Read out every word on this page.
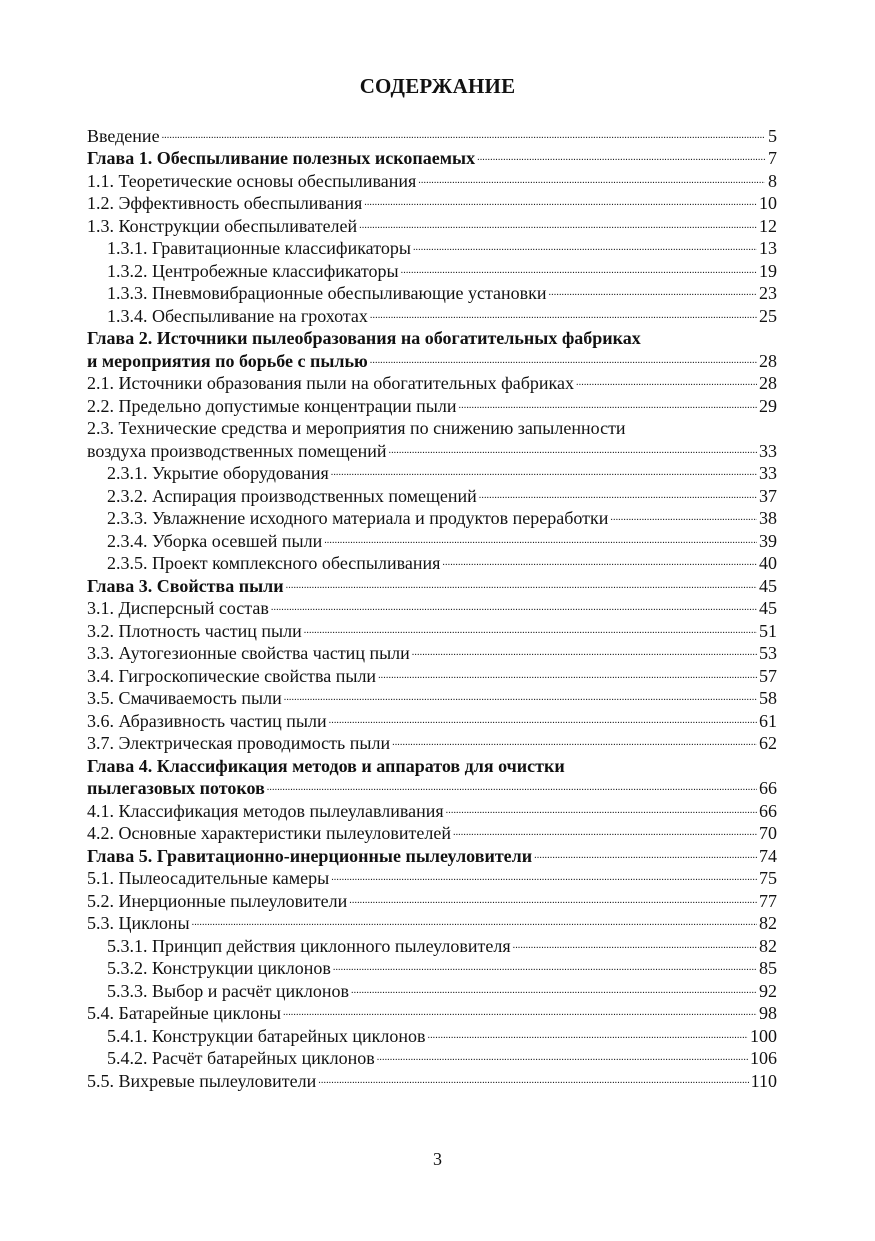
СОДЕРЖАНИЕ
Введение . . .	5
Глава 1. Обеспыливание полезных ископаемых . . .	7
1.1. Теоретические основы обеспыливания . . .	8
1.2. Эффективность обеспыливания . . .	10
1.3. Конструкции обеспыливателей . . .	12
1.3.1. Гравитационные классификаторы . . .	13
1.3.2. Центробежные классификаторы . . .	19
1.3.3. Пневмовибрационные обеспыливающие установки . . .	23
1.3.4. Обеспыливание на грохотах . . .	25
Глава 2. Источники пылеобразования на обогатительных фабриках
и мероприятия по борьбе с пылью . . .	28
2.1. Источники образования пыли на обогатительных фабриках . . .	28
2.2. Предельно допустимые концентрации пыли . . .	29
2.3. Технические средства и мероприятия по снижению запыленности
воздуха производственных помещений . . .	33
2.3.1. Укрытие оборудования . . .	33
2.3.2. Аспирация производственных помещений . . .	37
2.3.3. Увлажнение исходного материала и продуктов переработки . . .	38
2.3.4. Уборка осевшей пыли . . .	39
2.3.5. Проект комплексного обеспыливания . . .	40
Глава 3. Свойства пыли . . .	45
3.1. Дисперсный состав . . .	45
3.2. Плотность частиц пыли . . .	51
3.3. Аутогезионные свойства частиц пыли . . .	53
3.4. Гигроскопические свойства пыли . . .	57
3.5. Смачиваемость пыли . . .	58
3.6. Абразивность частиц пыли . . .	61
3.7. Электрическая проводимость пыли . . .	62
Глава 4. Классификация методов и аппаратов для очистки
пылегазовых потоков . . .	66
4.1. Классификация методов пылеулавливания . . .	66
4.2. Основные характеристики пылеуловителей . . .	70
Глава 5. Гравитационно-инерционные пылеуловители . . .	74
5.1. Пылеосадительные камеры . . .	75
5.2. Инерционные пылеуловители . . .	77
5.3. Циклоны . . .	82
5.3.1. Принцип действия циклонного пылеуловителя . . .	82
5.3.2. Конструкции циклонов . . .	85
5.3.3. Выбор и расчёт циклонов . . .	92
5.4. Батарейные циклоны . . .	98
5.4.1. Конструкции батарейных циклонов . . .	100
5.4.2. Расчёт батарейных циклонов . . .	106
5.5. Вихревые пылеуловители . . .	110
3
